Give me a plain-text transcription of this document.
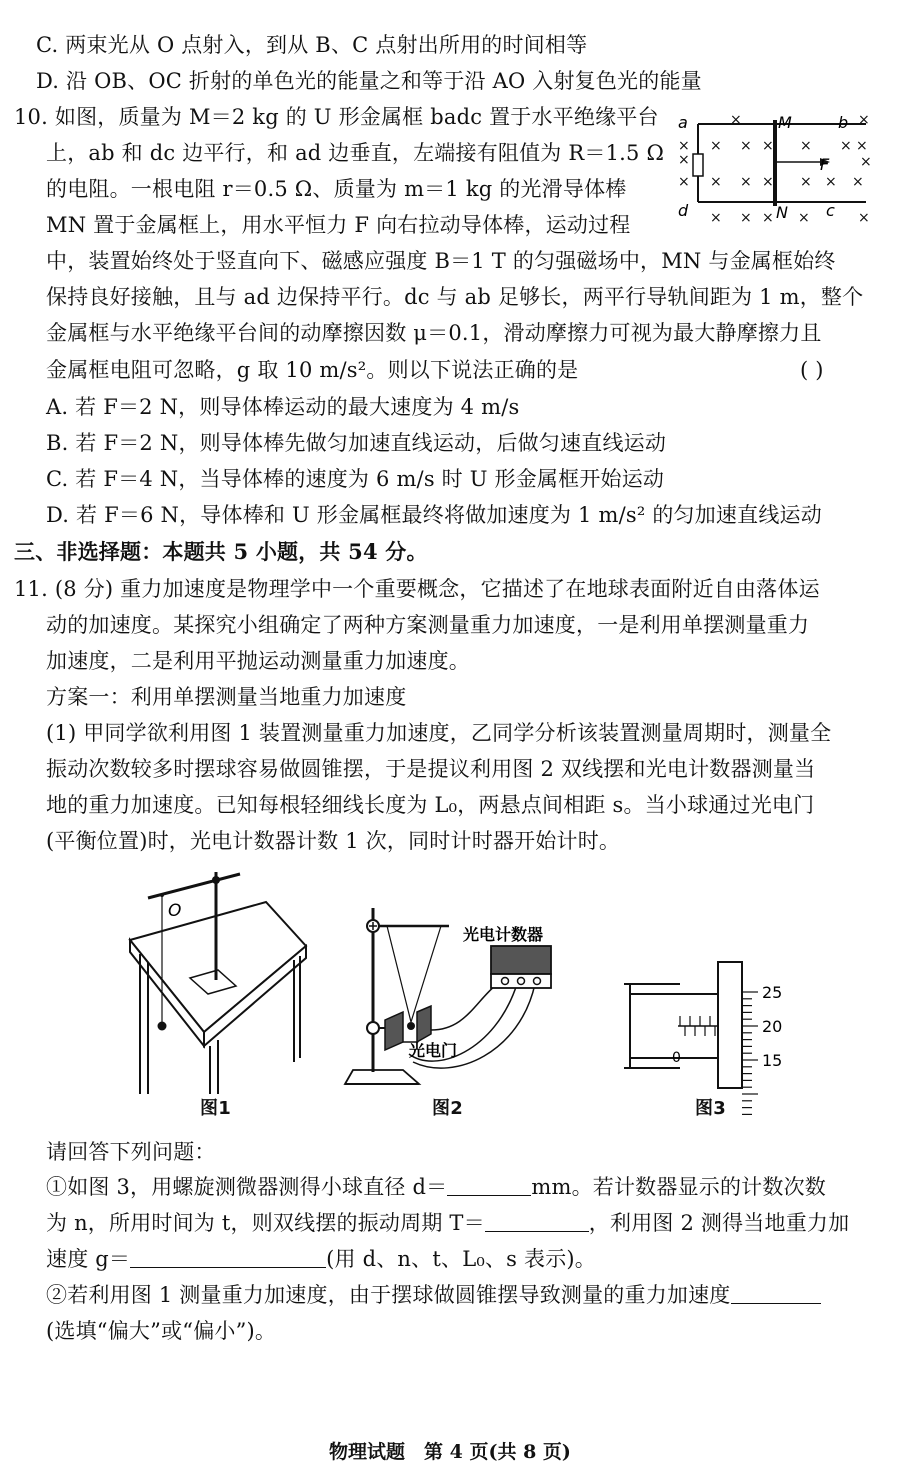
C. 两束光从 O 点射入，到从 B、C 点射出所用的时间相等
D. 沿 OB、OC 折射的单色光的能量之和等于沿 AO 入射复色光的能量
10. 如图，质量为 M＝2 kg 的 U 形金属框 badc 置于水平绝缘平台
上，ab 和 dc 边平行，和 ad 边垂直，左端接有阻值为 R＝1.5 Ω
的电阻。一根电阻 r＝0.5 Ω、质量为 m＝1 kg 的光滑导体棒
MN 置于金属框上，用水平恒力 F 向右拉动导体棒，运动过程
中，装置始终处于竖直向下、磁感应强度 B＝1 T 的匀强磁场中，MN 与金属框始终
保持良好接触，且与 ad 边保持平行。dc 与 ab 足够长，两平行导轨间距为 1 m，整个
金属框与水平绝缘平台间的动摩擦因数 μ＝0.1，滑动摩擦力可视为最大静摩擦力且
金属框电阻可忽略，g 取 10 m/s²。则以下说法正确的是	( )
A. 若 F＝2 N，则导体棒运动的最大速度为 4 m/s
B. 若 F＝2 N，则导体棒先做匀加速直线运动，后做匀速直线运动
C. 若 F＝4 N，当导体棒的速度为 6 m/s 时 U 形金属框开始运动
D. 若 F＝6 N，导体棒和 U 形金属框最终将做加速度为 1 m/s² 的匀加速直线运动
×
×
× × ×
× × ×
× ×
× × ×
×
× × × ×	×
×
×
×
×
a	b
d	c
M
N
F
三、非选择题：本题共 5 小题，共 54 分。
11. (8 分) 重力加速度是物理学中一个重要概念，它描述了在地球表面附近自由落体运
动的加速度。某探究小组确定了两种方案测量重力加速度，一是利用单摆测量重力
加速度，二是利用平抛运动测量重力加速度。
方案一：利用单摆测量当地重力加速度
(1) 甲同学欲利用图 1 装置测量重力加速度，乙同学分析该装置测量周期时，测量全
振动次数较多时摆球容易做圆锥摆，于是提议利用图 2 双线摆和光电计数器测量当
地的重力加速度。已知每根轻细线长度为 L₀，两悬点间相距 s。当小球通过光电门
(平衡位置)时，光电计数器计数 1 次，同时计时器开始计时。
O
图1
光电计数器
光电门
图2
25
20
15
0
图3
请回答下列问题：
①如图 3，用螺旋测微器测得小球直径 d＝	mm。若计数器显示的计数次数
为 n，所用时间为 t，则双线摆的振动周期 T＝	，利用图 2 测得当地重力加
速度 g＝	(用 d、n、t、L₀、s 表示)。
②若利用图 1 测量重力加速度，由于摆球做圆锥摆导致测量的重力加速度
(选填“偏大”或“偏小”)。
物理试题　第 4 页(共 8 页)
